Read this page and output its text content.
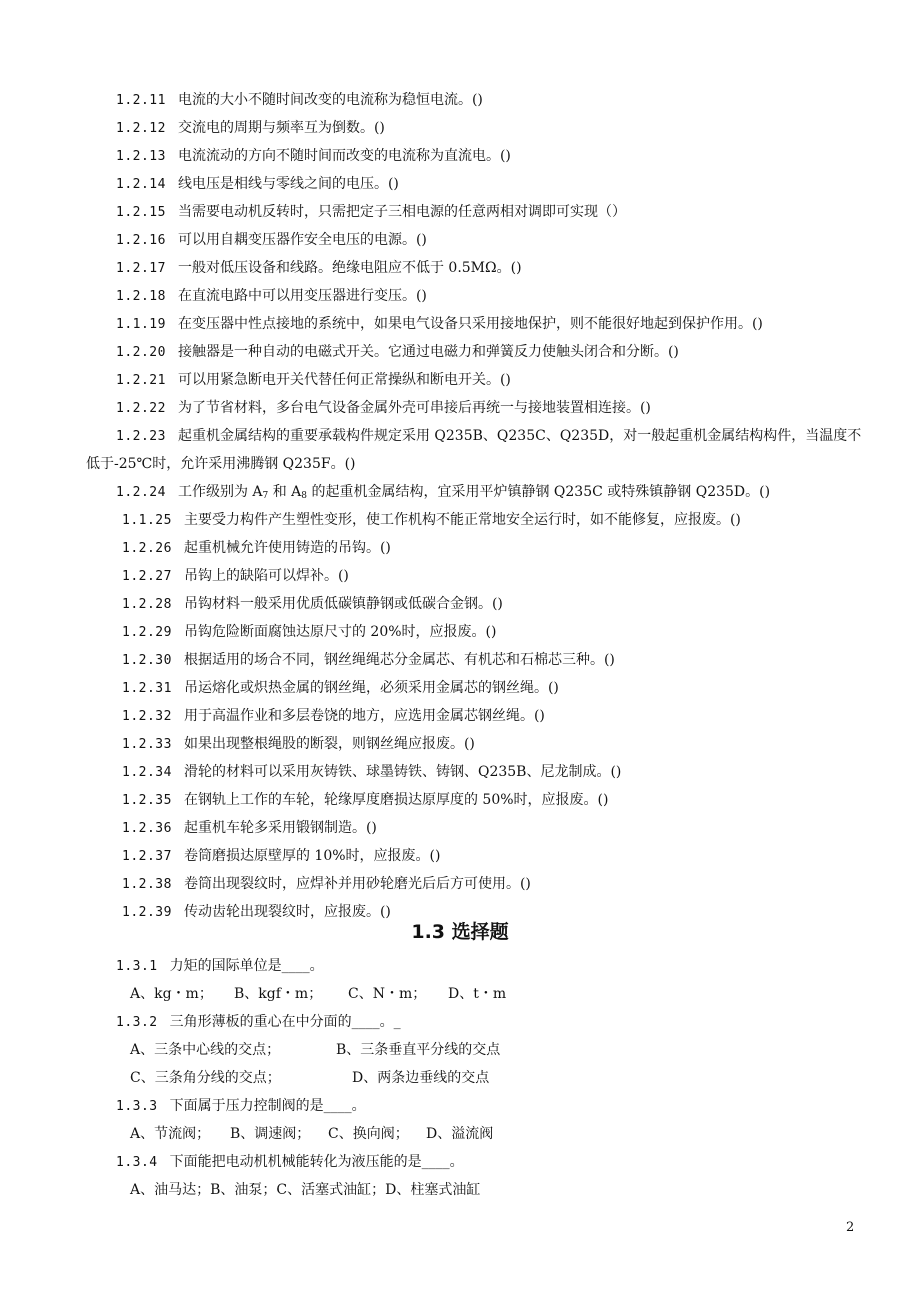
1.2.11 电流的大小不随时间改变的电流称为稳恒电流。()
1.2.12 交流电的周期与频率互为倒数。()
1.2.13 电流流动的方向不随时间而改变的电流称为直流电。()
1.2.14 线电压是相线与零线之间的电压。()
1.2.15 当需要电动机反转时，只需把定子三相电源的任意两相对调即可实现（）
1.2.16 可以用自耦变压器作安全电压的电源。()
1.2.17 一般对低压设备和线路。绝缘电阻应不低于 0.5MΩ。()
1.2.18 在直流电路中可以用变压器进行变压。()
1.1.19 在变压器中性点接地的系统中，如果电气设备只采用接地保护，则不能很好地起到保护作用。()
1.2.20 接触器是一种自动的电磁式开关。它通过电磁力和弹簧反力使触头闭合和分断。()
1.2.21 可以用紧急断电开关代替任何正常操纵和断电开关。()
1.2.22 为了节省材料，多台电气设备金属外壳可串接后再统一与接地装置相连接。()
1.2.23 起重机金属结构的重要承载构件规定采用 Q235B、Q235C、Q235D，对一般起重机金属结构构件，当温度不
低于-25℃时，允许采用沸腾钢 Q235F。()
1.2.24 工作级别为 $A_7$ 和 $A_8$ 的起重机金属结构，宜采用平炉镇静钢 Q235C 或特殊镇静钢 Q235D。()
1.1.25 主要受力构件产生塑性变形，使工作机构不能正常地安全运行时，如不能修复，应报废。()
1.2.26 起重机械允许使用铸造的吊钩。()
1.2.27 吊钩上的缺陷可以焊补。()
1.2.28 吊钩材料一般采用优质低碳镇静钢或低碳合金钢。()
1.2.29 吊钩危险断面腐蚀达原尺寸的 20%时，应报废。()
1.2.30 根据适用的场合不同，钢丝绳绳芯分金属芯、有机芯和石棉芯三种。()
1.2.31 吊运熔化或炽热金属的钢丝绳，必须采用金属芯的钢丝绳。()
1.2.32 用于高温作业和多层卷饶的地方，应选用金属芯钢丝绳。()
1.2.33 如果出现整根绳股的断裂，则钢丝绳应报废。()
1.2.34 滑轮的材料可以采用灰铸铁、球墨铸铁、铸钢、Q235B、尼龙制成。()
1.2.35 在钢轨上工作的车轮，轮缘厚度磨损达原厚度的 50%时，应报废。()
1.2.36 起重机车轮多采用锻钢制造。()
1.2.37 卷筒磨损达原壁厚的 10%时，应报废。()
1.2.38 卷筒出现裂纹时，应焊补并用砂轮磨光后后方可使用。()
1.2.39 传动齿轮出现裂纹时，应报废。()
1.3 选择题
1.3.1 力矩的国际单位是____。
A、kg・m； B、kgf・m； C、N・m； D、t・m
1.3.2 三角形薄板的重心在中分面的____。_
A、三条中心线的交点；	B、三条垂直平分线的交点
C、三条角分线的交点；	D、两条边垂线的交点
1.3.3 下面属于压力控制阀的是____。
A、节流阀； B、调速阀； C、换向阀； D、溢流阀
1.3.4 下面能把电动机机械能转化为液压能的是____。
A、油马达；B、油泵；C、活塞式油缸；D、柱塞式油缸
2
